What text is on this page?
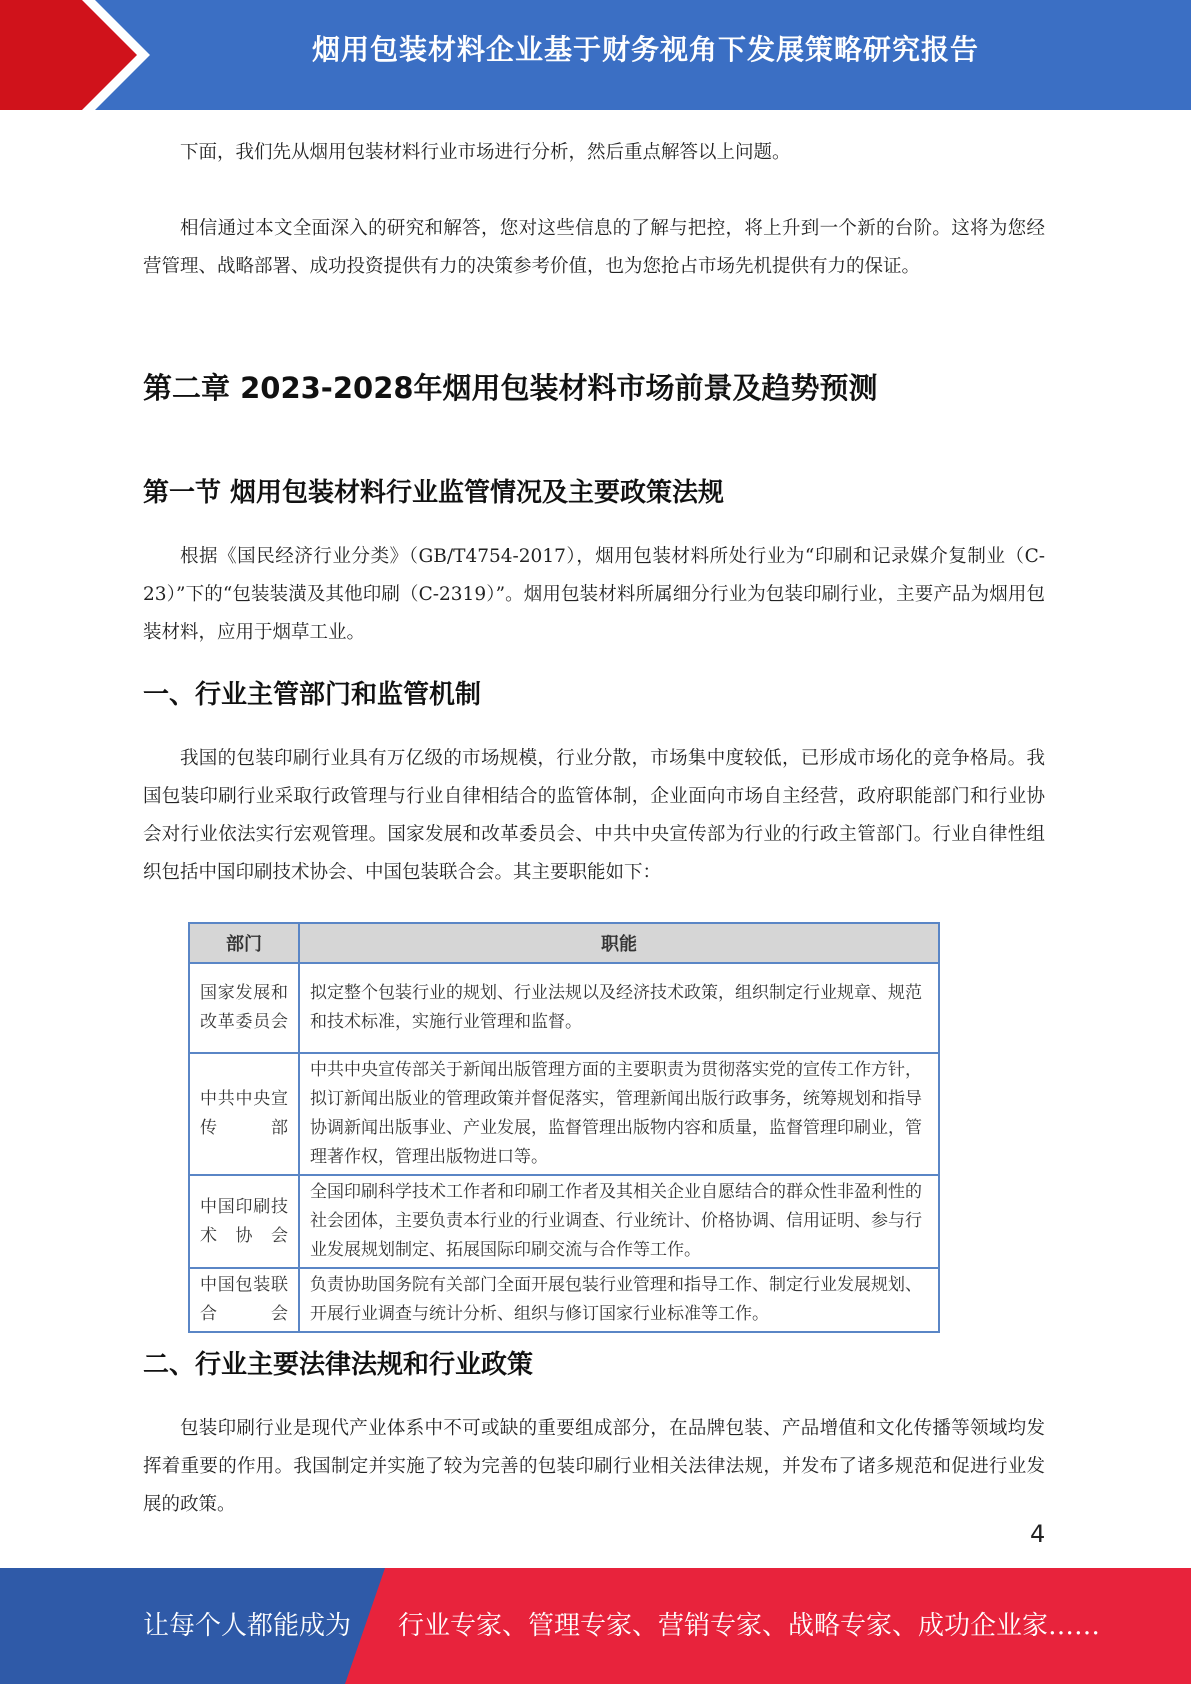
烟用包装材料企业基于财务视角下发展策略研究报告

下面，我们先从烟用包装材料行业市场进行分析，然后重点解答以上问题。

相信通过本文全面深入的研究和解答，您对这些信息的了解与把控，将上升到一个新的台阶。这将为您经营管理、战略部署、成功投资提供有力的决策参考价值，也为您抢占市场先机提供有力的保证。

第二章 2023-2028年烟用包装材料市场前景及趋势预测
第一节 烟用包装材料行业监管情况及主要政策法规

根据《国民经济行业分类》（GB/T4754-2017），烟用包装材料所处行业为“印刷和记录媒介复制业（C-23）”下的“包装装潢及其他印刷（C-2319）”。烟用包装材料所属细分行业为包装印刷行业，主要产品为烟用包装材料，应用于烟草工业。

一、行业主管部门和监管机制

我国的包装印刷行业具有万亿级的市场规模，行业分散，市场集中度较低，已形成市场化的竞争格局。我国包装印刷行业采取行政管理与行业自律相结合的监管体制，企业面向市场自主经营，政府职能部门和行业协会对行业依法实行宏观管理。国家发展和改革委员会、中共中央宣传部为行业的行政主管部门。行业自律性组织包括中国印刷技术协会、中国包装联合会。其主要职能如下：

部门	职能
国家发展和改革委员会	拟定整个包装行业的规划、行业法规以及经济技术政策，组织制定行业规章、规范和技术标准，实施行业管理和监督。
中共中央宣传部	中共中央宣传部关于新闻出版管理方面的主要职责为贯彻落实党的宣传工作方针，拟订新闻出版业的管理政策并督促落实，管理新闻出版行政事务，统筹规划和指导协调新闻出版事业、产业发展，监督管理出版物内容和质量，监督管理印刷业，管理著作权，管理出版物进口等。
中国印刷技术协会	全国印刷科学技术工作者和印刷工作者及其相关企业自愿结合的群众性非盈利性的社会团体，主要负责本行业的行业调查、行业统计、价格协调、信用证明、参与行业发展规划制定、拓展国际印刷交流与合作等工作。
中国包装联合会	负责协助国务院有关部门全面开展包装行业管理和指导工作、制定行业发展规划、开展行业调查与统计分析、组织与修订国家行业标准等工作。
二、行业主要法律法规和行业政策

包装印刷行业是现代产业体系中不可或缺的重要组成部分，在品牌包装、产品增值和文化传播等领域均发挥着重要的作用。我国制定并实施了较为完善的包装印刷行业相关法律法规，并发布了诸多规范和促进行业发展的政策。

4
让每个人都能成为 行业专家、管理专家、营销专家、战略专家、成功企业家……
